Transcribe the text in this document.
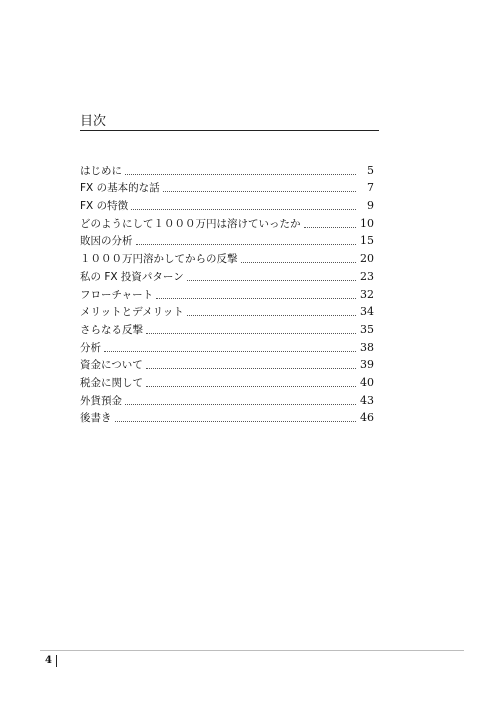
目次
はじめに	5
FX の基本的な話	7
FX の特徴	9
どのようにして１０００万円は溶けていったか	10
敗因の分析	15
１０００万円溶かしてからの反撃	20
私の FX 投資パターン	23
フローチャート	32
メリットとデメリット	34
さらなる反撃	35
分析	38
資金について	39
税金に関して	40
外貨預金	43
後書き	46
4
